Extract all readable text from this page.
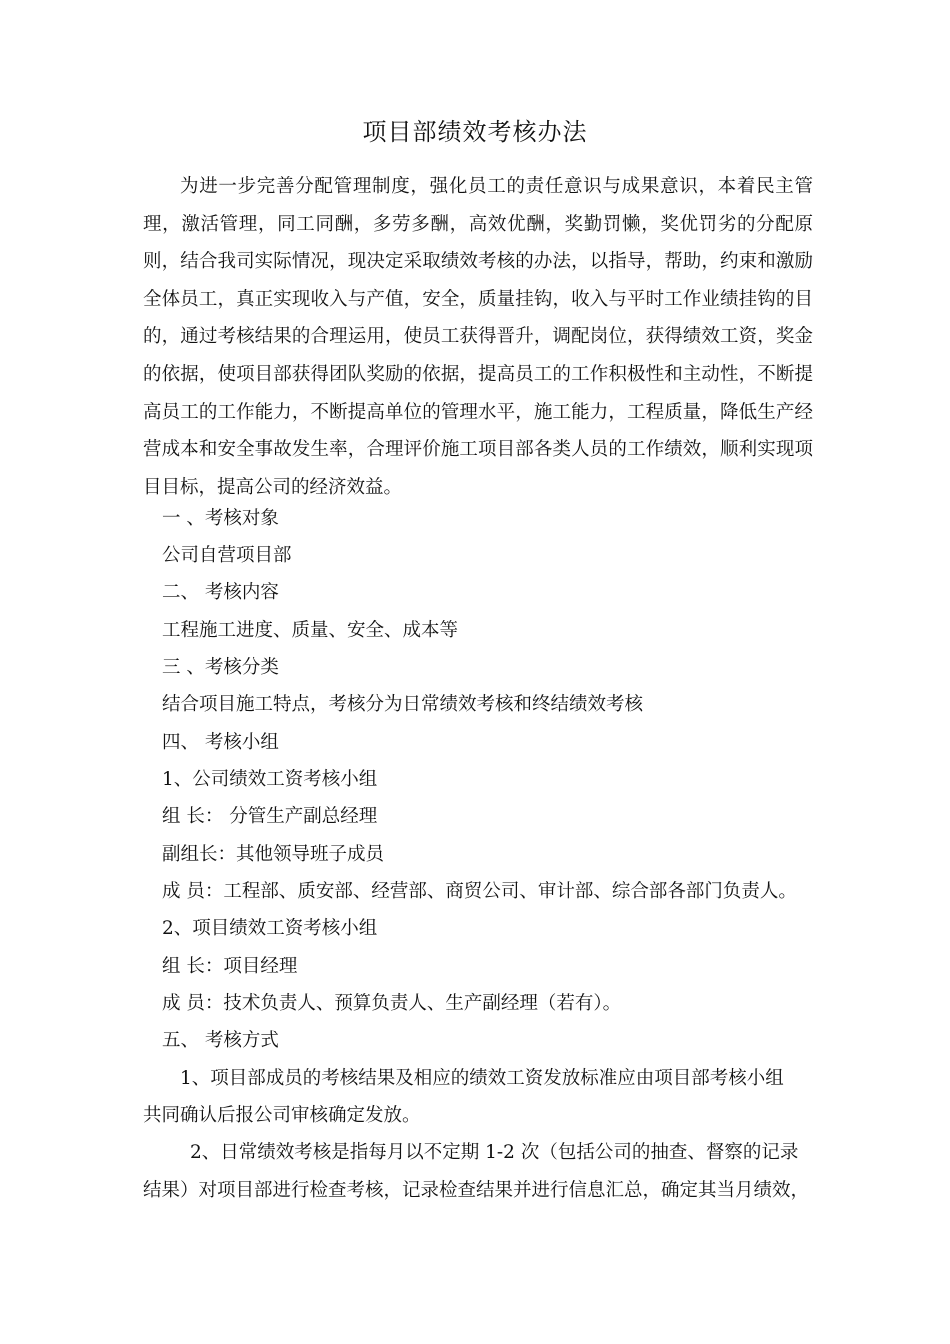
项目部绩效考核办法

为进一步完善分配管理制度，强化员工的责任意识与成果意识，本着民主管理，激活管理，同工同酬，多劳多酬，高效优酬，奖勤罚懒，奖优罚劣的分配原则，结合我司实际情况，现决定采取绩效考核的办法，以指导，帮助，约束和激励全体员工，真正实现收入与产值，安全，质量挂钩，收入与平时工作业绩挂钩的目的，通过考核结果的合理运用，使员工获得晋升，调配岗位，获得绩效工资，奖金的依据，使项目部获得团队奖励的依据，提高员工的工作积极性和主动性，不断提高员工的工作能力，不断提高单位的管理水平，施工能力，工程质量，降低生产经营成本和安全事故发生率，合理评价施工项目部各类人员的工作绩效，顺利实现项目目标，提高公司的经济效益。

一 、考核对象
公司自营项目部
二、 考核内容
工程施工进度、质量、安全、成本等
三 、考核分类
结合项目施工特点，考核分为日常绩效考核和终结绩效考核
四、 考核小组
1、公司绩效工资考核小组
组 长： 分管生产副总经理
副组长：其他领导班子成员
成 员：工程部、质安部、经营部、商贸公司、审计部、综合部各部门负责人。
2、项目绩效工资考核小组
组 长：项目经理
成 员：技术负责人、预算负责人、生产副经理（若有）。
五、 考核方式
1、项目部成员的考核结果及相应的绩效工资发放标准应由项目部考核小组
共同确认后报公司审核确定发放。
2、日常绩效考核是指每月以不定期 1-2 次（包括公司的抽查、督察的记录
结果）对项目部进行检查考核，记录检查结果并进行信息汇总，确定其当月绩效，
